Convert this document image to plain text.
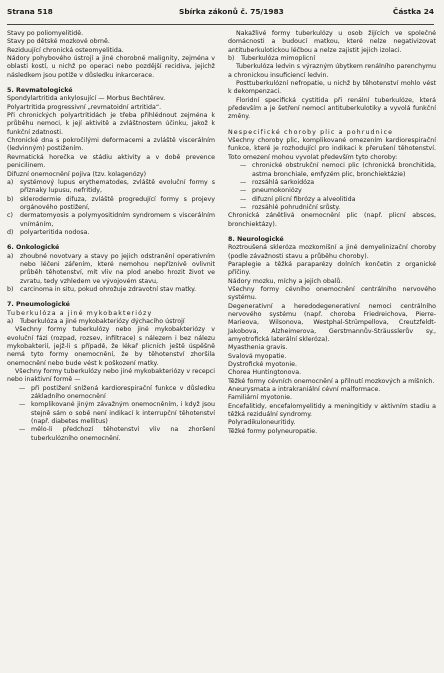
Strana 518	Sbírka zákonů č. 75/1983	Částka 24

Stavy po poliomyelitidě.

Stavy po dětské mozkové obrně.

Reziduující chronická osteomyelitida.

Nádory pohybového ústrojí a jiné chorobné malignity, zejména v oblasti kostí, u nichž po operaci nebo pozdější recidiva, jejichž následkem jsou potíže v důsledku inkarcerace.

5. Revmatologické

Spondylartritida ankylosující — Morbus Bechtěrev.

Polyartritida progressivní „revmatoidní artritida“.

Při chronických polyartritidách je třeba přihlédnout zejména k průběhu nemoci, k její aktivitě a zvláštnostem účinku, jakož k funkční zdatnosti.

Chronické dna s pokročilými deformacemi a zvláště viscerálním (ledvinným) postižením.

Revmatická horečka ve stádiu aktivity a v době prevence penicilinem.

Difuzní onemocnění pojiva (tzv. kolagenózy)

a)	systémový lupus erythematodes, zvláště evoluční formy s příznaky lupusu, nefritidy,
b)	sklerodermie difuza, zvláště progredující formy s projevy orgánového postižení,
c)	dermatomyosis a polymyositidním syndromem s viscerálním vnímáním,
d)	polyarteritida nodosa.

6. Onkologické

a)	zhoubné novotvary a stavy po jejich odstranění operativním nebo léčeni zářením, které nemohou nepříznivě ovlivnit průběh těhotenství, mít vliv na plod anebo hrozit život ve zvratu, tedy vzhledem ve vývojovém stavu,
b)	carcinoma in situ, pokud ohrožuje zdravotní stav matky.

7. Pneumologické

Tuberkulóza a jiné mykobakteriózy

a)	Tuberkulóza a jiné mykobakteriózy dýchacího ústrojí

Všechny formy tuberkulózy nebo jiné mykobakteriózy v evoluční fázi (rozpad, rozsev, infiltrace) s nálezem i bez nálezu mykobakterií, jejž-li s případě, že lékař plicních ještě úspěšně nemá tyto formy onemocnění, že by těhotenství zhoršila onemocnění nebo bude vést k poškození matky.

Všechny formy tuberkulózy nebo jiné mykobakteriózy v recepci nebo inaktivní formě —

— při postižení snížená kardiorespirační funkce v důsledku základního onemocnění
— komplikované jiným závažným onemocněním, i když jsou stejně sám o sobě není indikací k interrupční těhotenství (např. diabetes mellitus)
— mělo-li předchozí těhotenství vliv na zhoršení tuberkulózního onemocnění.

Nakažlivé formy tuberkulózy u osob žijících ve společné domácnosti a budoucí matkou, které nelze negativizovat antituberkulotickou léčbou a nelze zajistit jejich izolaci.

b)	Tuberkulóza mimoplicní

Tuberkulóza ledvin s výrazným úbytkem renálního parenchymu a chronickou insuficiencí ledvin.

Posttuberkulózní nefropatie, u nichž by těhotenství mohlo vést k dekompenzaci.

Floridní specifická cystitida při renální tuberkulóze, která především a je šetření nemocí antituberkulotiky a vyvolá funkční změny.

Nespecifické choroby plic a pohrudnice

Všechny choroby plic, komplikované omezením kardiorespirační funkce, které je rozhodující pro indikaci k přerušení těhotenství. Toto omezení mohou vyvolat především tyto choroby:

— chronické obstrukční nemoci plic (chronická bronchitida, astma bronchiale, emfyzém plic, bronchiektázie)
— rozsáhlá sarkoidóza
— pneumokoniózy
— difuzní plicní fibrózy a alveolitida
— rozsáhlé pohrudniční srůsty.

Chronická zánětlivá onemocnění plic (např. plicní absces, bronchiektázy).

8. Neurologické

Roztroušená skleróza mozkomíšní a jiné demyelinizační choroby (podle závažnosti stavu a průběhu choroby).

Paraplegie a těžká paraparézy dolních končetin z organické příčiny.

Nádory mozku, míchy a jejich obalů.

Všechny formy cévního onemocnění centrálního nervového systému.

Degenerativní a heredodegenerativní nemoci centrálního nervového systému (např. choroba Friedreichova, Pierre-Marieova, Wilsonova, Westphal-Strümpellova, Creutzfeldt-Jakobova, Alzheimerova, Gerstmannův-Sträusslerův sy., amyotrofická laterální skleróza).

Myasthenia gravis.

Svalová myopatie.

Dystrofické myotonie.

Chorea Huntingtonova.

Těžké formy cévních onemocnění a přilnutí mozkových a míšních.

Aneurysmata a intrakraniální cévní malformace.

Familiární myotonie.

Encefalitidy, encefalomyelitidy a meningitidy v aktivním stadiu a těžká reziduální syndromy.

Polyradikuloneuritidy.

Těžké formy polyneuropatie.
